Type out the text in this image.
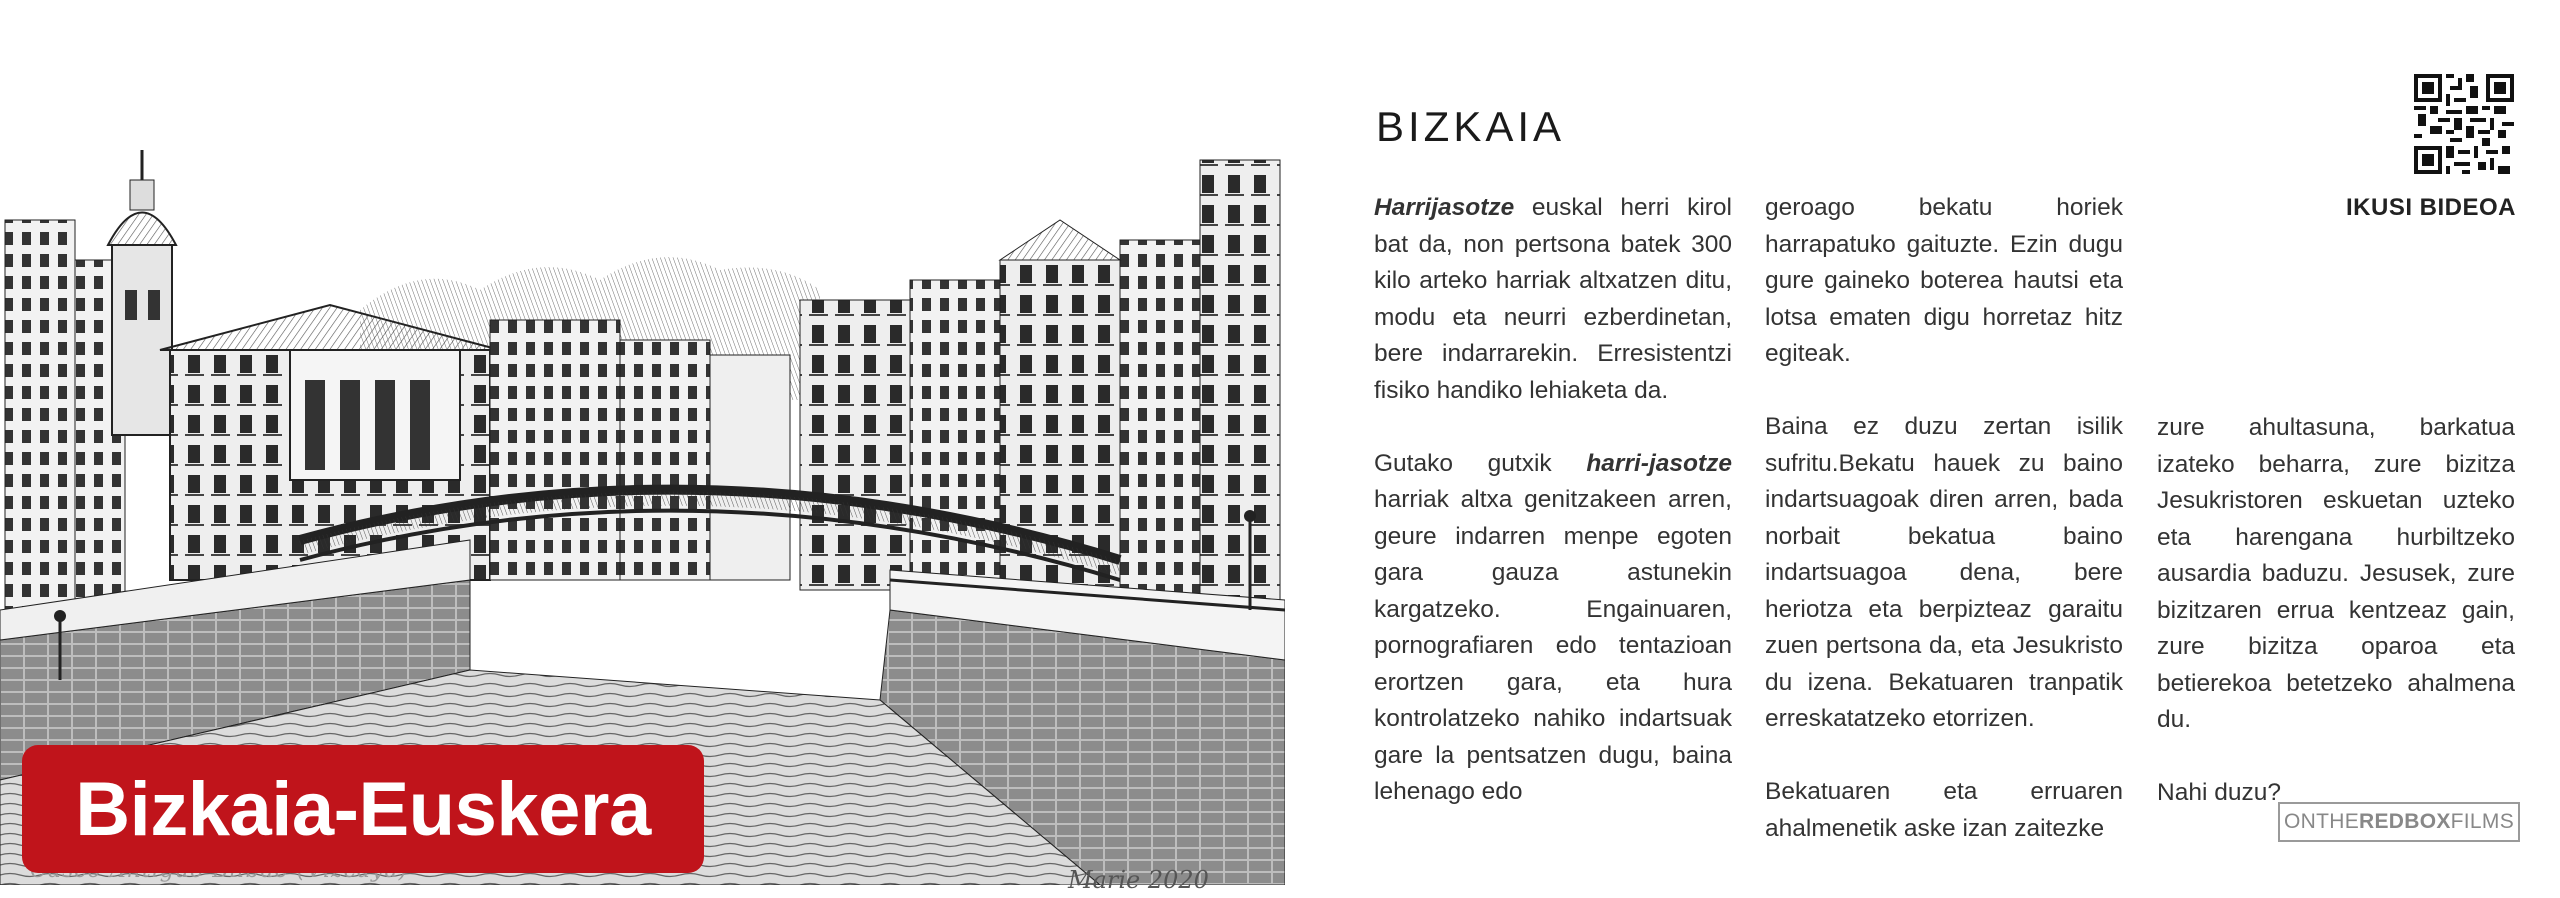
Marie 2020
Bizkaia-Euskera
BIZKAIA

Harrijasotze euskal herri kirol bat da, non pertsona batek 300 kilo arteko harriak altxatzen ditu, modu eta neurri ezberdinetan, bere indarrarekin. Erresistentzi fisiko handiko lehiaketa da.

Gutako gutxik harri-jasotze harriak altxa genitzakeen arren, geure indarren menpe egoten gara gauza astunekin kargatzeko. Engainuaren, pornografiaren edo tentazioan erortzen gara, eta hura kontrolatzeko nahiko indartsuak gare la pentsatzen dugu, baina lehenago edo

geroago bekatu horiek harrapatuko gaituzte. Ezin dugu gure gaineko boterea hautsi eta lotsa ematen digu horretaz hitz egiteak.

Baina ez duzu zertan isilik sufritu.Bekatu hauek zu baino indartsuagoak diren arren, bada norbait bekatua baino indartsuagoa dena, bere heriotza eta berpizteaz garaitu zuen pertsona da, eta Jesukristo du izena. Bekatuaren tranpatik erreskatatzeko etorrizen.

Bekatuaren eta erruaren ahalmenetik aske izan zaitezke

zure ahultasuna, barkatua izateko beharra, zure bizitza Jesukristoren eskuetan uzteko eta harengana hurbiltzeko ausardia baduzu. Jesusek, zure bizitzaren errua kentzeaz gain, zure bizitza oparoa eta betierekoa betetzeko ahalmena du.

Nahi duzu?

IKUSI BIDEOA
ONTHE REDBOX FILMS
